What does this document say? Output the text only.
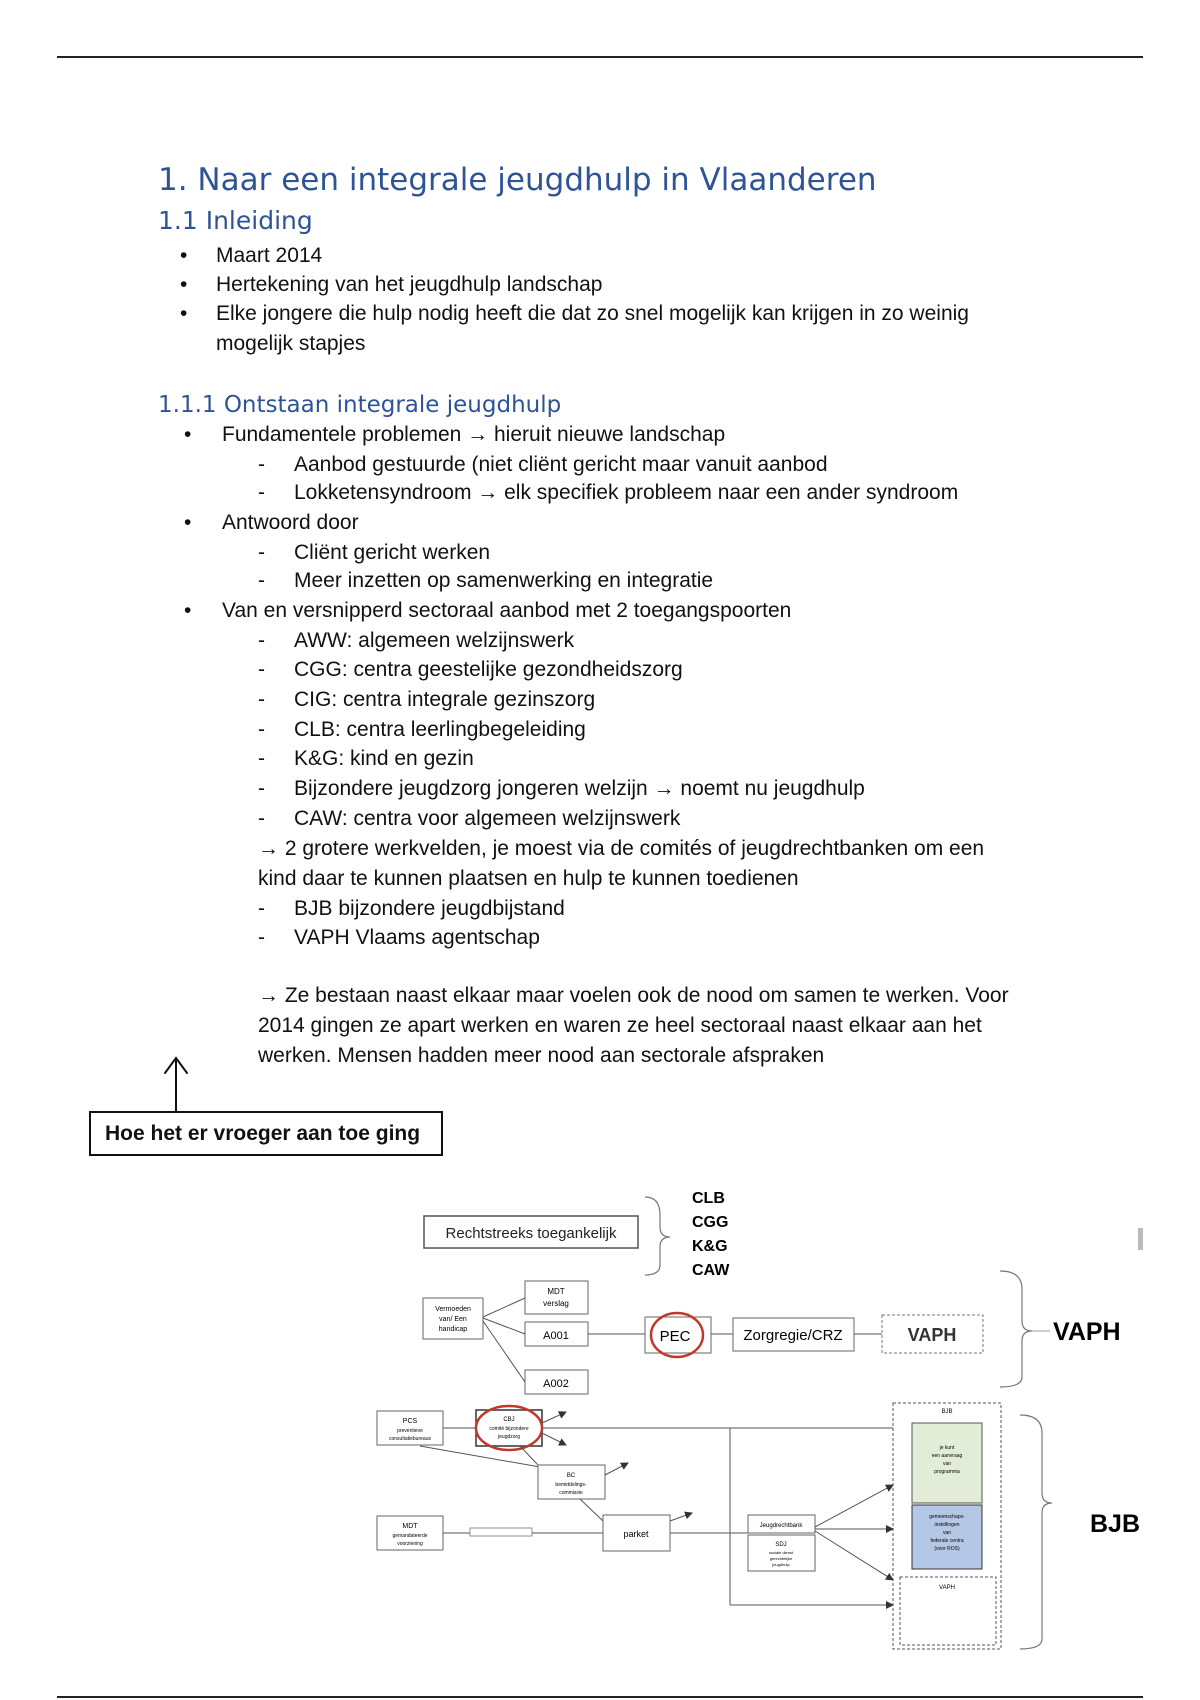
1. Naar een integrale jeugdhulp in Vlaanderen
1.1 Inleiding
• Maart 2014
• Hertekening van het jeugdhulp landschap
• Elke jongere die hulp nodig heeft die dat zo snel mogelijk kan krijgen in zo weinig
mogelijk stapjes
1.1.1 Ontstaan integrale jeugdhulp
• Fundamentele problemen → hieruit nieuwe landschap
- Aanbod gestuurde (niet cliënt gericht maar vanuit aanbod
- Lokketensyndroom → elk specifiek probleem naar een ander syndroom
• Antwoord door
- Cliënt gericht werken
- Meer inzetten op samenwerking en integratie
• Van en versnipperd sectoraal aanbod met 2 toegangspoorten
- AWW: algemeen welzijnswerk
- CGG: centra geestelijke gezondheidszorg
- CIG: centra integrale gezinszorg
- CLB: centra leerlingbegeleiding
- K&G: kind en gezin
- Bijzondere jeugdzorg jongeren welzijn → noemt nu jeugdhulp
- CAW: centra voor algemeen welzijnswerk
→ 2 grotere werkvelden, je moest via de comités of jeugdrechtbanken om een
kind daar te kunnen plaatsen en hulp te kunnen toedienen
- BJB bijzondere jeugdbijstand
- VAPH Vlaams agentschap
→ Ze bestaan naast elkaar maar voelen ook de nood om samen te werken. Voor
2014 gingen ze apart werken en waren ze heel sectoraal naast elkaar aan het
werken. Mensen hadden meer nood aan sectorale afspraken
Hoe het er vroeger aan toe ging
Rechtstreeks toegankelijk
CLB
CGG
K&G
CAW
Vermoeden
van/ Een
handicap
MDT
verslag
A001
A002
PEC	Zorgregie/CRZ	VAPH	VAPH
PCS
preventieve
consultatiebureaus
CBJ
comité bijzondere
jeugdzorg
BC
bemiddelings-
commissie
MDT
gemandateerde
voorziening
parket
Jeugdrechtbank
SDJ
sociale dienst
gerechtelijke
jeugdhulp
BJB
je kunt
een aanvraag
van
programma
gemeenschaps-
instellingen
van
federale centra
(voor ROS)
VAPH
BJB
